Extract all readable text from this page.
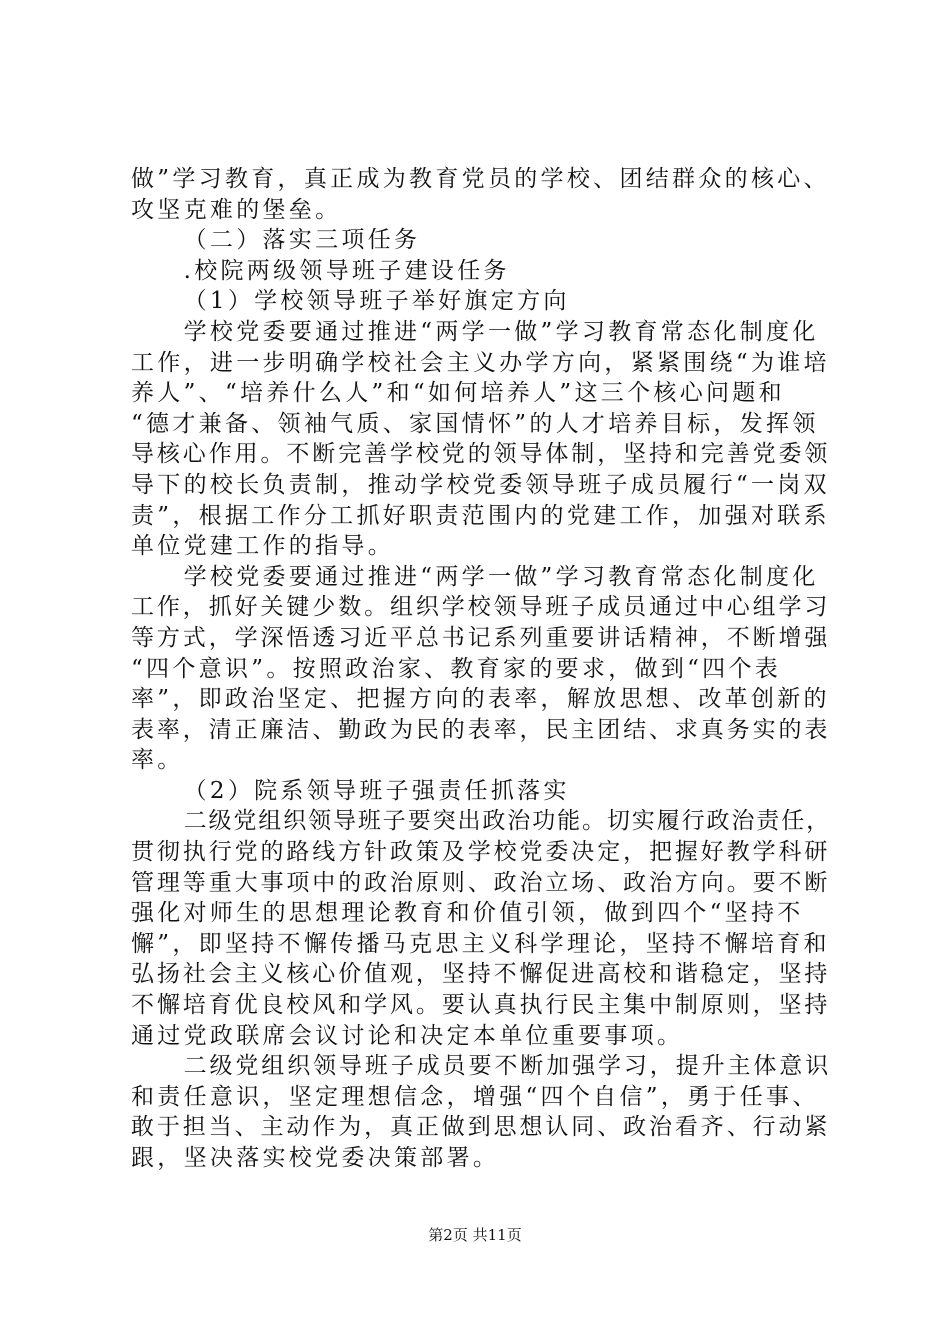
做”学习教育，真正成为教育党员的学校、团结群众的核心、
攻坚克难的堡垒。
（二）落实三项任务
.校院两级领导班子建设任务
（1）学校领导班子举好旗定方向
学校党委要通过推进“两学一做”学习教育常态化制度化
工作，进一步明确学校社会主义办学方向，紧紧围绕“为谁培
养人”、“培养什么人”和“如何培养人”这三个核心问题和
“德才兼备、领袖气质、家国情怀”的人才培养目标，发挥领
导核心作用。不断完善学校党的领导体制，坚持和完善党委领
导下的校长负责制，推动学校党委领导班子成员履行“一岗双
责”，根据工作分工抓好职责范围内的党建工作，加强对联系
单位党建工作的指导。
学校党委要通过推进“两学一做”学习教育常态化制度化
工作，抓好关键少数。组织学校领导班子成员通过中心组学习
等方式，学深悟透习近平总书记系列重要讲话精神，不断增强
“四个意识”。按照政治家、教育家的要求，做到“四个表
率”，即政治坚定、把握方向的表率，解放思想、改革创新的
表率，清正廉洁、勤政为民的表率，民主团结、求真务实的表
率。
（2）院系领导班子强责任抓落实
二级党组织领导班子要突出政治功能。切实履行政治责任，
贯彻执行党的路线方针政策及学校党委决定，把握好教学科研
管理等重大事项中的政治原则、政治立场、政治方向。要不断
强化对师生的思想理论教育和价值引领，做到四个“坚持不
懈”，即坚持不懈传播马克思主义科学理论，坚持不懈培育和
弘扬社会主义核心价值观，坚持不懈促进高校和谐稳定，坚持
不懈培育优良校风和学风。要认真执行民主集中制原则，坚持
通过党政联席会议讨论和决定本单位重要事项。
二级党组织领导班子成员要不断加强学习，提升主体意识
和责任意识，坚定理想信念，增强“四个自信”，勇于任事、
敢于担当、主动作为，真正做到思想认同、政治看齐、行动紧
跟，坚决落实校党委决策部署。
第2页 共11页
